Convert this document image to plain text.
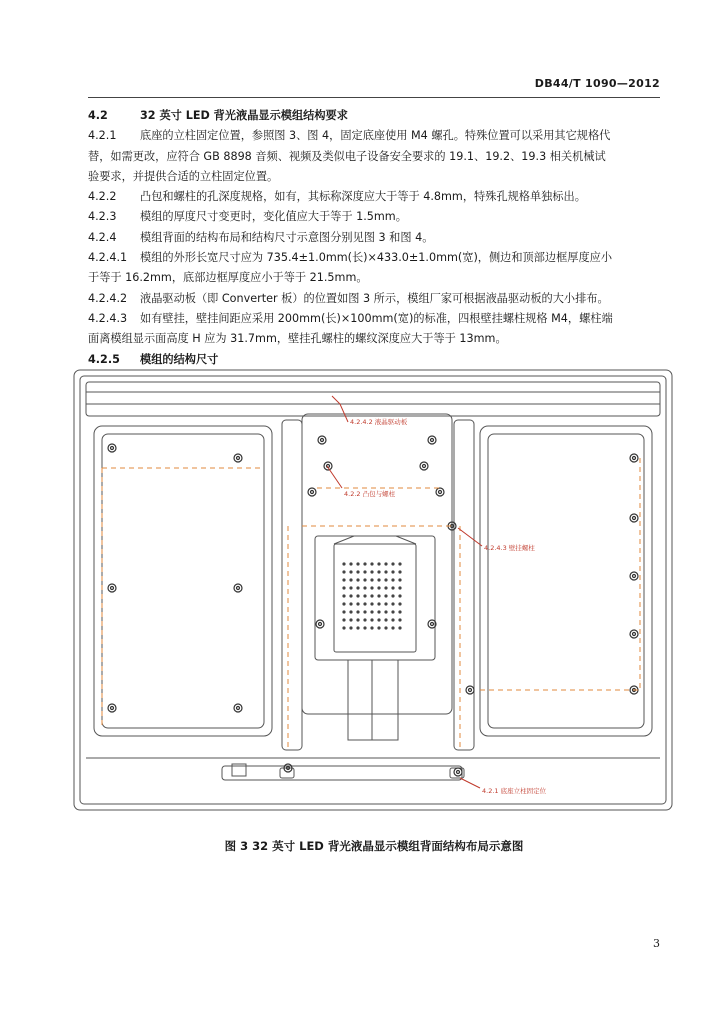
DB44/T 1090—2012
4.2	32 英寸 LED 背光液晶显示模组结构要求
4.2.1 底座的立柱固定位置，参照图 3、图 4，固定底座使用 M4 螺孔。特殊位置可以采用其它规格代
替，如需更改，应符合 GB 8898 音频、视频及类似电子设备安全要求的 19.1、19.2、19.3 相关机械试
验要求，并提供合适的立柱固定位置。
4.2.2 凸包和螺柱的孔深度规格，如有，其标称深度应大于等于 4.8mm，特殊孔规格单独标出。
4.2.3 模组的厚度尺寸变更时，变化值应大于等于 1.5mm。
4.2.4 模组背面的结构布局和结构尺寸示意图分别见图 3 和图 4。
4.2.4.1 模组的外形长宽尺寸应为 735.4±1.0mm(长)×433.0±1.0mm(宽)，侧边和顶部边框厚度应小
于等于 16.2mm，底部边框厚度应小于等于 21.5mm。
4.2.4.2 液晶驱动板（即 Converter 板）的位置如图 3 所示，模组厂家可根据液晶驱动板的大小排布。
4.2.4.3 如有壁挂，壁挂间距应采用 200mm(长)×100mm(宽)的标准，四根壁挂螺柱规格 M4，螺柱端
面离模组显示面高度 H 应为 31.7mm，壁挂孔螺柱的螺纹深度应大于等于 13mm。
4.2.5 模组的结构尺寸
4.2.4.2 液晶驱动板
4.2.2 凸包与螺柱
4.2.4.3 壁挂螺柱
4.2.1 底座立柱固定位
图 3 32 英寸 LED 背光液晶显示模组背面结构布局示意图
3
